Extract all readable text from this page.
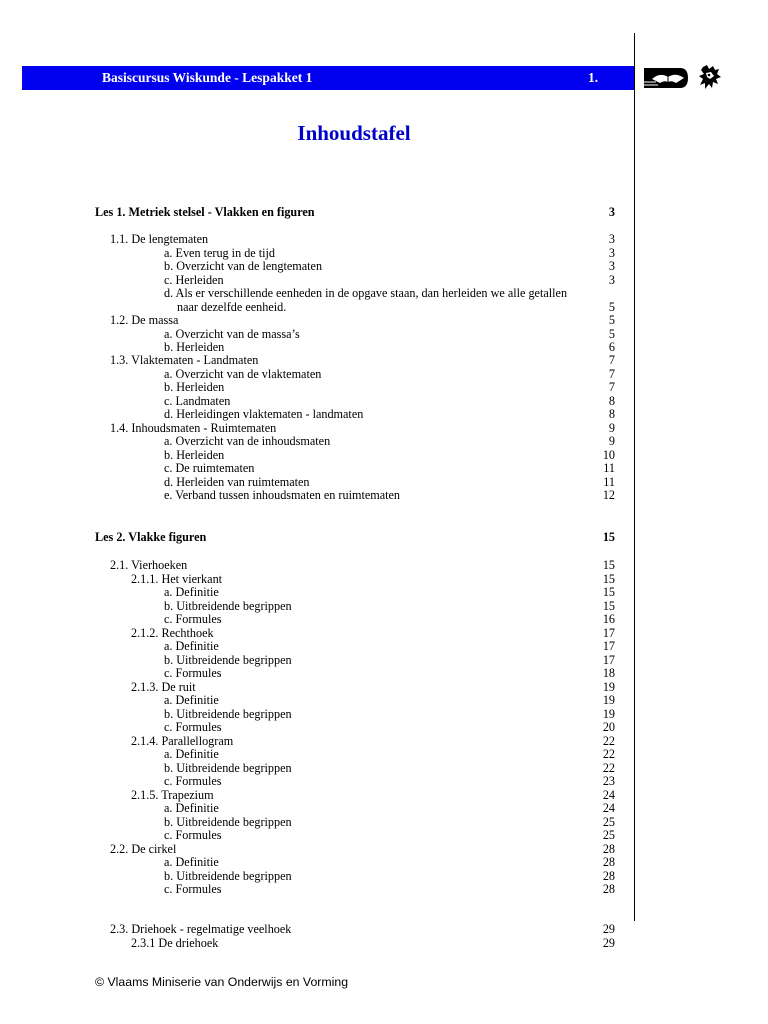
Basiscursus Wiskunde - Lespakket 1	1.
Inhoudstafel
Les 1. Metriek stelsel - Vlakken en figuren	3
1.1. De lengtematen	3
a. Even terug in de tijd	3
b. Overzicht van de lengtematen	3
c. Herleiden	3
d. Als er verschillende eenheden in de opgave staan, dan herleiden we alle getallen
naar dezelfde eenheid.	5
1.2. De massa	5
a. Overzicht van de massa’s	5
b. Herleiden	6
1.3. Vlaktematen - Landmaten	7
a. Overzicht van de vlaktematen	7
b. Herleiden	7
c. Landmaten	8
d. Herleidingen vlaktematen - landmaten	8
1.4. Inhoudsmaten - Ruimtematen	9
a. Overzicht van de inhoudsmaten	9
b. Herleiden	10
c. De ruimtematen	11
d. Herleiden van ruimtematen	11
e. Verband tussen inhoudsmaten en ruimtematen	12
Les 2. Vlakke figuren	15
2.1. Vierhoeken	15
2.1.1. Het vierkant	15
a. Definitie	15
b. Uitbreidende begrippen	15
c. Formules	16
2.1.2. Rechthoek	17
a. Definitie	17
b. Uitbreidende begrippen	17
c. Formules	18
2.1.3. De ruit	19
a. Definitie	19
b. Uitbreidende begrippen	19
c. Formules	20
2.1.4. Parallellogram	22
a. Definitie	22
b. Uitbreidende begrippen	22
c. Formules	23
2.1.5. Trapezium	24
a. Definitie	24
b. Uitbreidende begrippen	25
c. Formules	25
2.2. De cirkel	28
a. Definitie	28
b. Uitbreidende begrippen	28
c. Formules	28
2.3. Driehoek - regelmatige veelhoek	29
2.3.1 De driehoek	29
© Vlaams Miniserie van Onderwijs en Vorming
